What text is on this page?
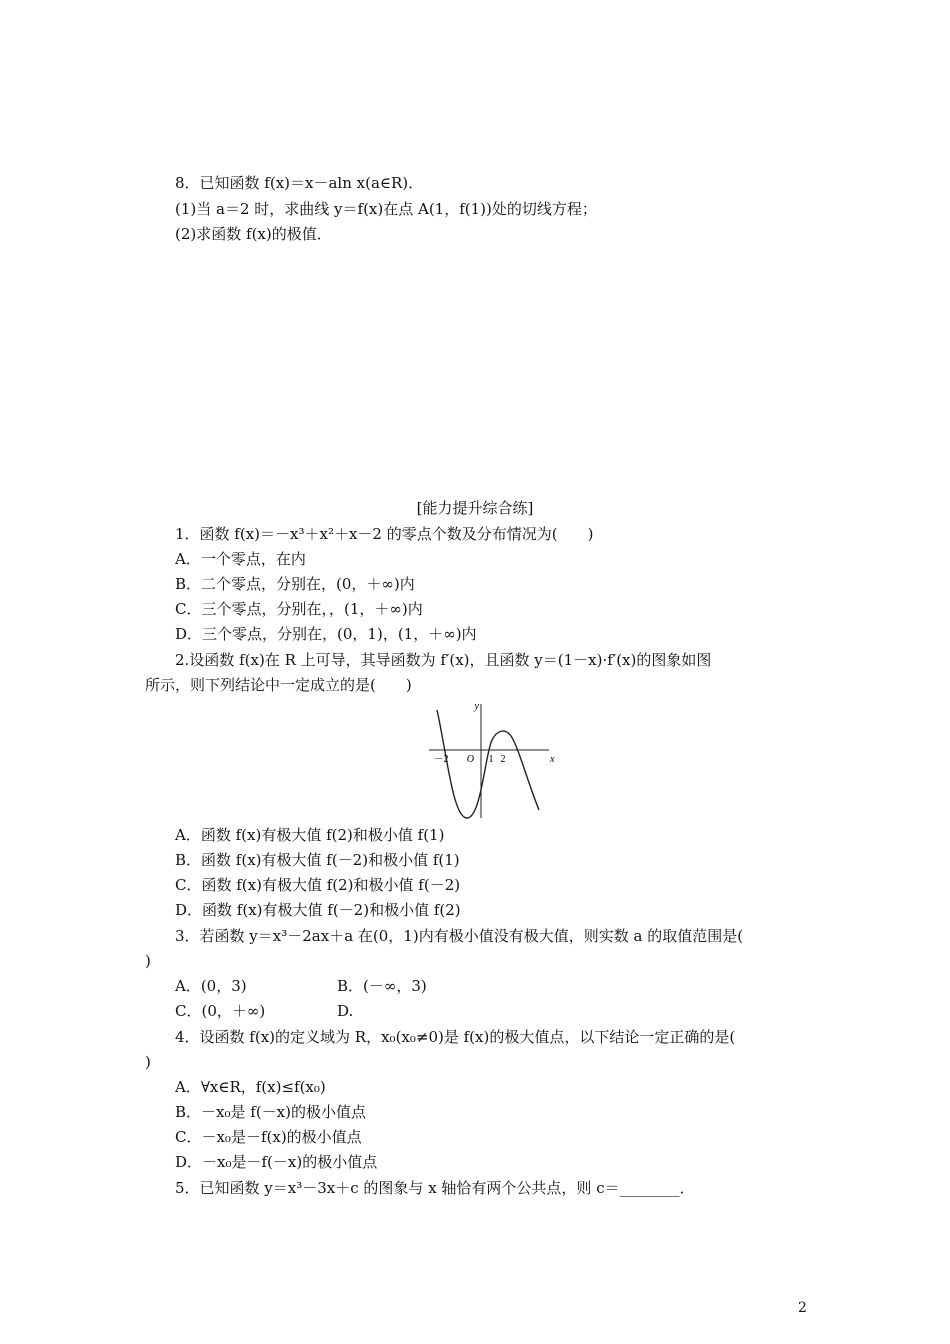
8．已知函数 f(x)＝x－aln x(a∈R)．
(1)当 a＝2 时，求曲线 y＝f(x)在点 A(1，f(1))处的切线方程；
(2)求函数 f(x)的极值．
[能力提升综合练]
1．函数 f(x)＝－x³＋x²＋x－2 的零点个数及分布情况为(　　)
A．一个零点，在内
B．二个零点，分别在，(0，＋∞)内
C．三个零点，分别在，，(1，＋∞)内
D．三个零点，分别在，(0，1)，(1，＋∞)内
2.设函数 f(x)在 R 上可导，其导函数为 f′(x)，且函数 y＝(1－x)·f′(x)的图象如图
所示，则下列结论中一定成立的是(　　)
y
x
O
－2	1 2
A．函数 f(x)有极大值 f(2)和极小值 f(1)
B．函数 f(x)有极大值 f(－2)和极小值 f(1)
C．函数 f(x)有极大值 f(2)和极小值 f(－2)
D．函数 f(x)有极大值 f(－2)和极小值 f(2)
3．若函数 y＝x³－2ax＋a 在(0，1)内有极小值没有极大值，则实数 a 的取值范围是(
)
A．(0，3)	B．(－∞，3)
C．(0，＋∞)	D.
4．设函数 f(x)的定义域为 R，x₀(x₀≠0)是 f(x)的极大值点，以下结论一定正确的是(
)
A．∀x∈R，f(x)≤f(x₀)
B．－x₀是 f(－x)的极小值点
C．－x₀是－f(x)的极小值点
D．－x₀是－f(－x)的极小值点
5．已知函数 y＝x³－3x＋c 的图象与 x 轴恰有两个公共点，则 c＝________．
2
